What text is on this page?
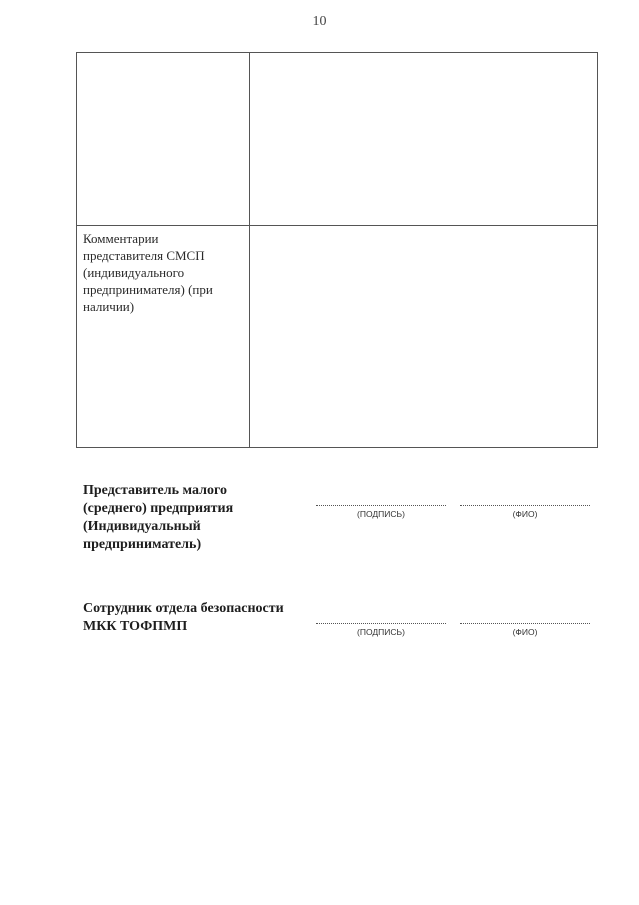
10
Комментарии
представителя СМСП
(индивидуального
предпринимателя) (при
наличии)
Представитель малого
(среднего) предприятия
(Индивидуальный
предприниматель)
(ПОДПИСЬ)	(ФИО)
Сотрудник отдела безопасности
МКК ТОФПМП	(ПОДПИСЬ)	(ФИО)
